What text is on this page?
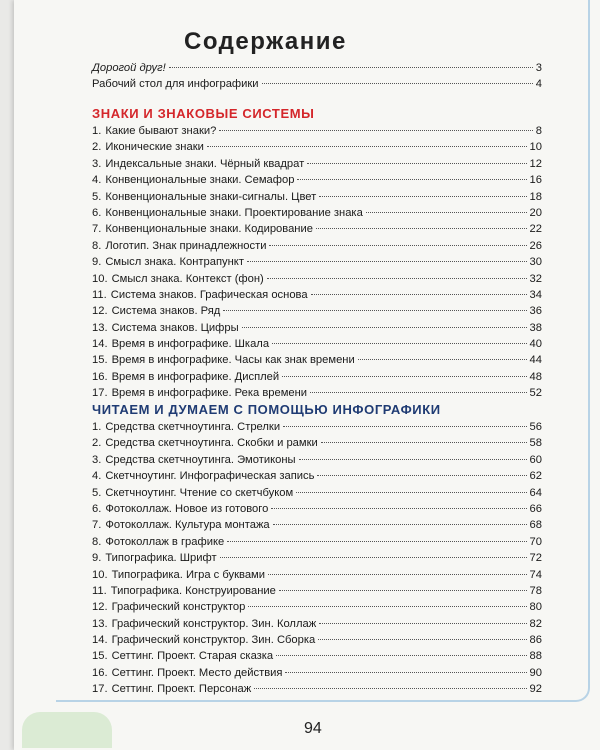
Содержание
Дорогой друг!	3
Рабочий стол для инфографики	4
ЗНАКИ И ЗНАКОВЫЕ СИСТЕМЫ
1. Какие бывают знаки?	8
2. Иконические знаки	10
3. Индексальные знаки. Чёрный квадрат	12
4. Конвенциональные знаки. Семафор	16
5. Конвенциональные знаки-сигналы. Цвет	18
6. Конвенциональные знаки. Проектирование знака	20
7. Конвенциональные знаки. Кодирование	22
8. Логотип. Знак принадлежности	26
9. Смысл знака. Контрапункт	30
10. Смысл знака. Контекст (фон)	32
11. Система знаков. Графическая основа	34
12. Система знаков. Ряд	36
13. Система знаков. Цифры	38
14. Время в инфографике. Шкала	40
15. Время в инфографике. Часы как знак времени	44
16. Время в инфографике. Дисплей	48
17. Время в инфографике. Река времени	52
ЧИТАЕМ И ДУМАЕМ С ПОМОЩЬЮ ИНФОГРАФИКИ
1. Средства скетчноутинга. Стрелки	56
2. Средства скетчноутинга. Скобки и рамки	58
3. Средства скетчноутинга. Эмотиконы	60
4. Скетчноутинг. Инфографическая запись	62
5. Скетчноутинг. Чтение со скетчбуком	64
6. Фотоколлаж. Новое из готового	66
7. Фотоколлаж. Культура монтажа	68
8. Фотоколлаж в графике	70
9. Типографика. Шрифт	72
10. Типографика. Игра с буквами	74
11. Типографика. Конструирование	78
12. Графический конструктор	80
13. Графический конструктор. Зин. Коллаж	82
14. Графический конструктор. Зин. Сборка	86
15. Сеттинг. Проект. Старая сказка	88
16. Сеттинг. Проект. Место действия	90
17. Сеттинг. Проект. Персонаж	92
94
